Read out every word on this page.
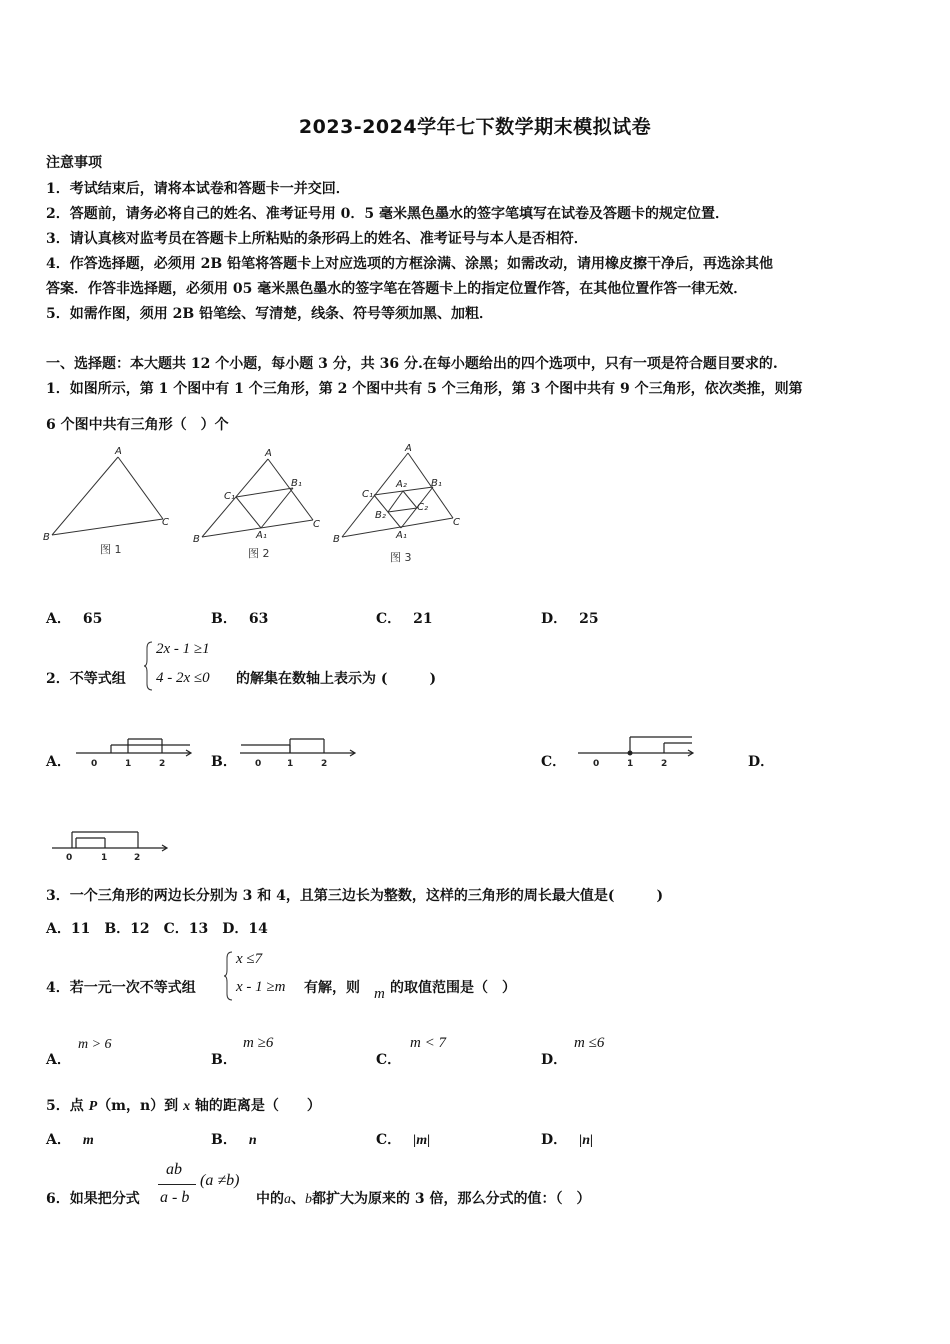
2023-2024学年七下数学期末模拟试卷
注意事项
1．考试结束后，请将本试卷和答题卡一并交回．
2．答题前，请务必将自己的姓名、准考证号用 0．5 毫米黑色墨水的签字笔填写在试卷及答题卡的规定位置．
3．请认真核对监考员在答题卡上所粘贴的条形码上的姓名、准考证号与本人是否相符．
4．作答选择题，必须用 2B 铅笔将答题卡上对应选项的方框涂满、涂黑；如需改动，请用橡皮擦干净后，再选涂其他
答案．作答非选择题，必须用 05 毫米黑色墨水的签字笔在答题卡上的指定位置作答，在其他位置作答一律无效．
5．如需作图，须用 2B 铅笔绘、写清楚，线条、符号等须加黑、加粗．
一、选择题：本大题共 12 个小题，每小题 3 分，共 36 分.在每小题给出的四个选项中，只有一项是符合题目要求的.
1．如图所示，第 1 个图中有 1 个三角形，第 2 个图中共有 5 个三角形，第 3 个图中共有 9 个三角形，依次类推，则第
6 个图中共有三角形（　）个
A
B
C
A
B
C
C₁
B₁
A₁
A
B
C
C₁
B₁
A₂
B₂
C₂
A₁
图 1	图 2	图 3
A． 65	B． 63	C． 21	D． 25
2．不等式组
2x - 1 ≥1
4 - 2x ≤0 的解集在数轴上表示为 (　　　)
A． 0	1	2	B． 0	1	2	C．	0	1	2	D．
0	1	2
3．一个三角形的两边长分别为 3 和 4，且第三边长为整数，这样的三角形的周长最大值是(　　　)
A．11　B．12　C．13　D．14
4．若一元一次不等式组
x ≤7
x - 1 ≥m 有解，则 m 的取值范围是（　）
A．
m > 6
B．
m ≥6
C．
m < 7
D．
m ≤6
5．点 P（m，n）到 x 轴的距离是（　　）
A． m	B． n	C． |m|	D． |n|
6．如果把分式
ab
a - b
(a ≠b)
中的a、b都扩大为原来的 3 倍，那么分式的值：（　）
